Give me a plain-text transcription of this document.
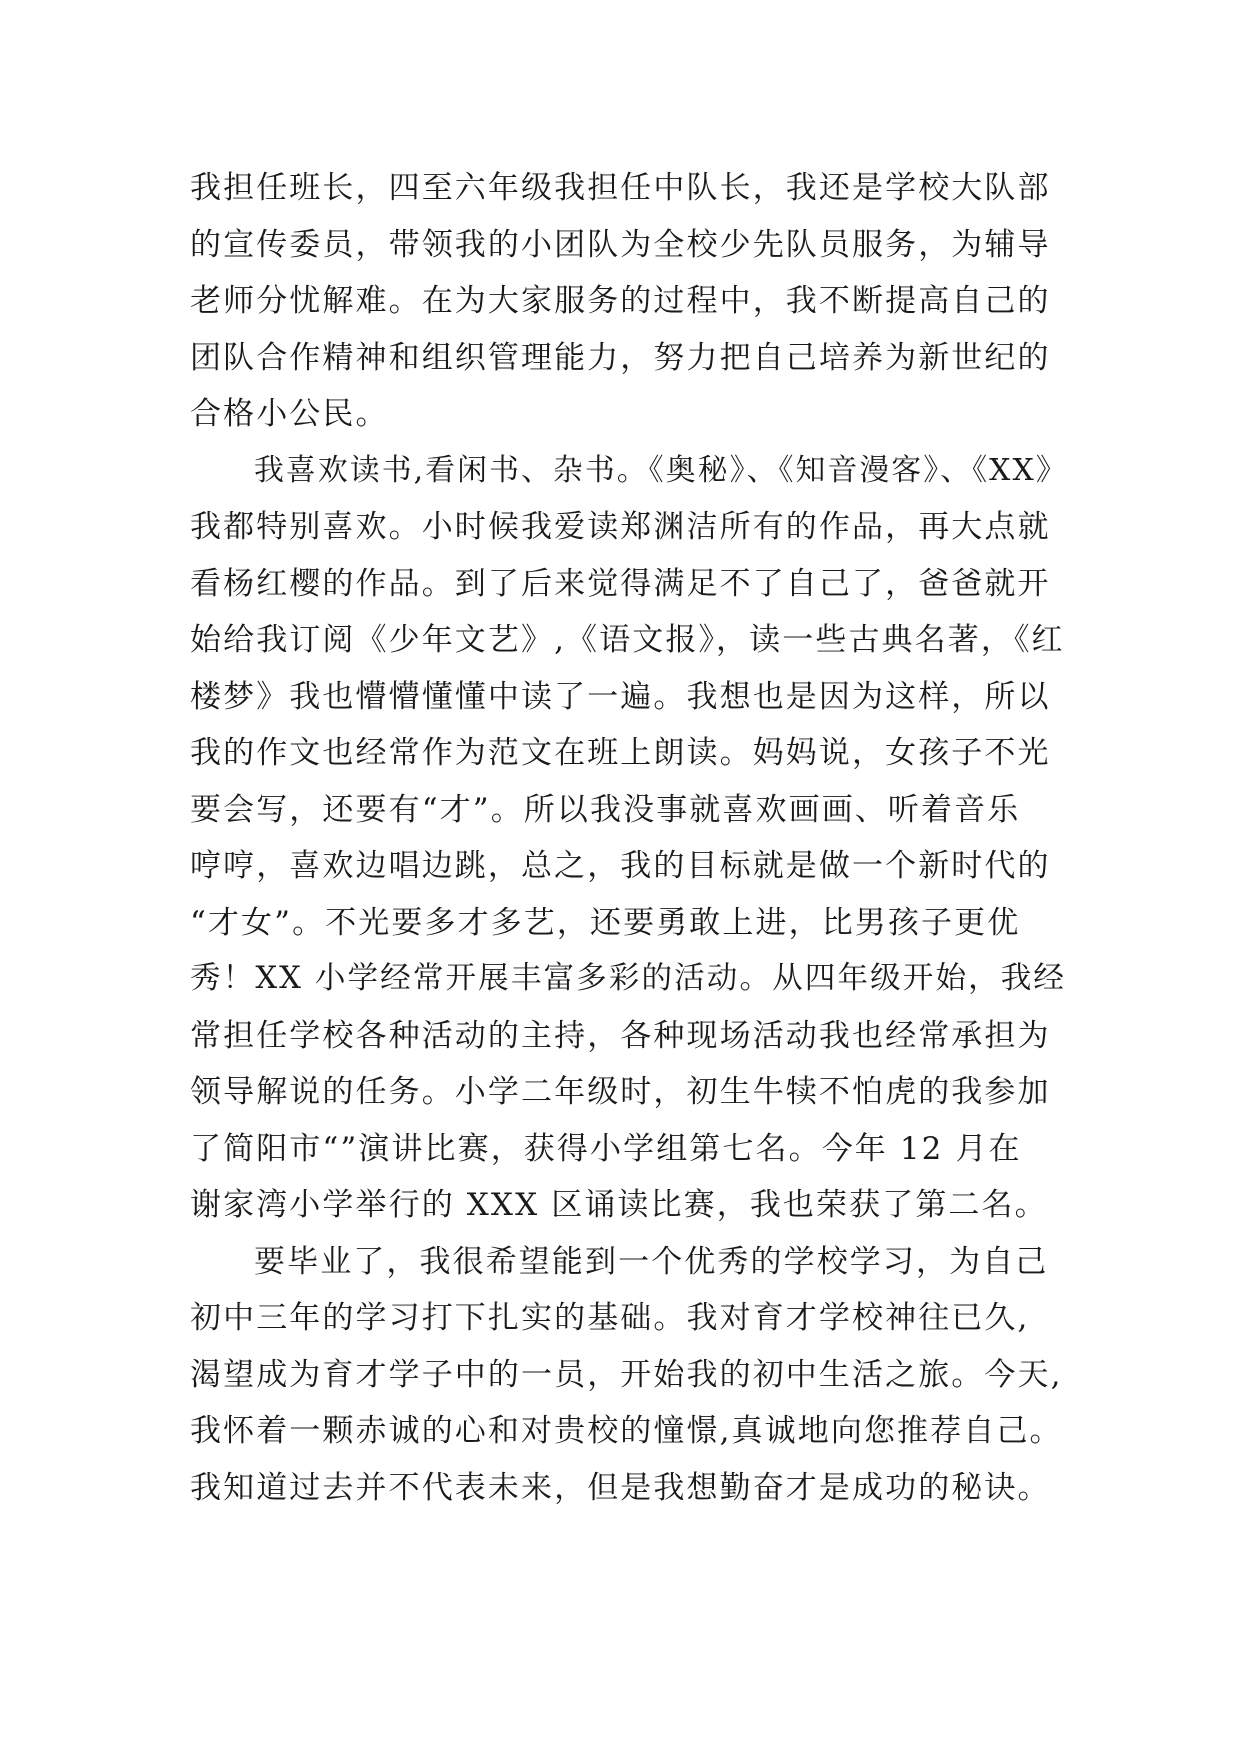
我担任班长，四至六年级我担任中队长，我还是学校大队部
的宣传委员，带领我的小团队为全校少先队员服务，为辅导
老师分忧解难。在为大家服务的过程中，我不断提高自己的
团队合作精神和组织管理能力，努力把自己培养为新世纪的
合格小公民。
我喜欢读书,看闲书、杂书。《奥秘》、《知音漫客》、《XX》
我都特别喜欢。小时候我爱读郑渊洁所有的作品，再大点就
看杨红樱的作品。到了后来觉得满足不了自己了，爸爸就开
始给我订阅《少年文艺》,《语文报》，读一些古典名著，《红
楼梦》我也懵懵懂懂中读了一遍。我想也是因为这样，所以
我的作文也经常作为范文在班上朗读。妈妈说，女孩子不光
要会写，还要有“才”。所以我没事就喜欢画画、听着音乐
哼哼，喜欢边唱边跳，总之，我的目标就是做一个新时代的
“才女”。不光要多才多艺，还要勇敢上进，比男孩子更优
秀！XX 小学经常开展丰富多彩的活动。从四年级开始，我经
常担任学校各种活动的主持，各种现场活动我也经常承担为
领导解说的任务。小学二年级时，初生牛犊不怕虎的我参加
了简阳市“”演讲比赛，获得小学组第七名。今年 12 月在
谢家湾小学举行的 XXX 区诵读比赛，我也荣获了第二名。
要毕业了，我很希望能到一个优秀的学校学习，为自己
初中三年的学习打下扎实的基础。我对育才学校神往已久,
渴望成为育才学子中的一员，开始我的初中生活之旅。今天,
我怀着一颗赤诚的心和对贵校的憧憬,真诚地向您推荐自己。
我知道过去并不代表未来，但是我想勤奋才是成功的秘诀。
